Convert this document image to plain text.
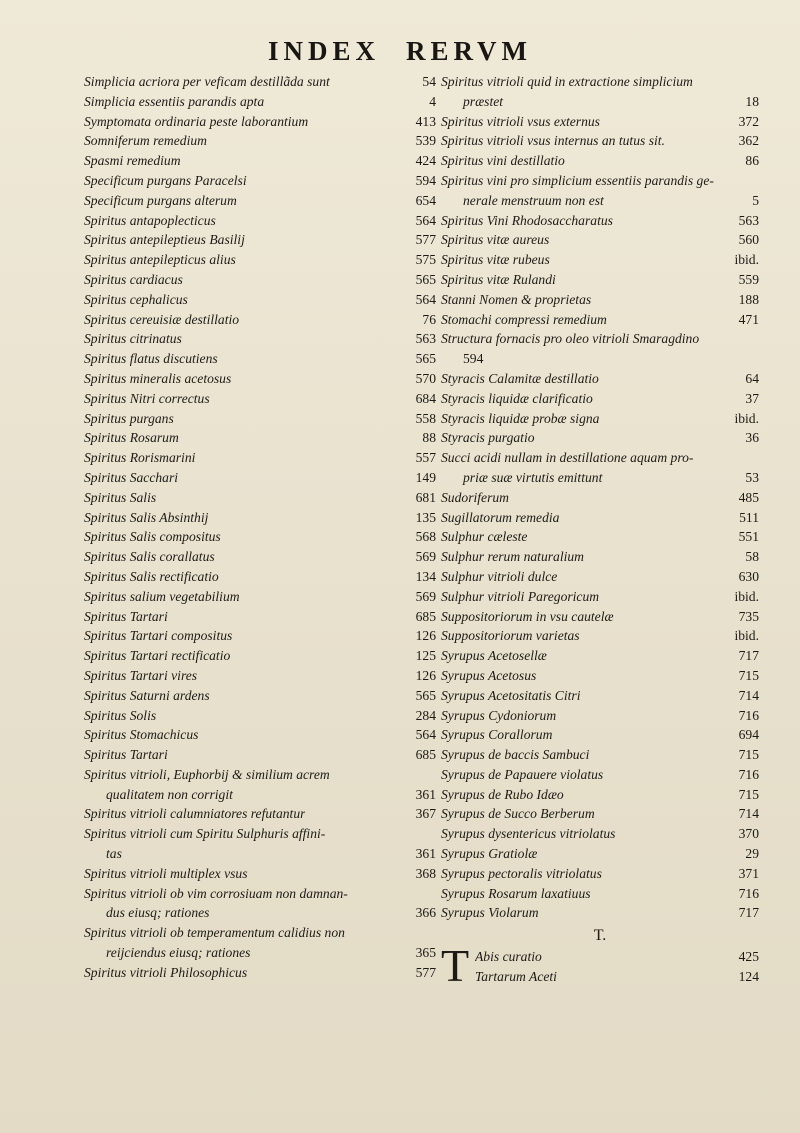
INDEX RERVM
Simplicia acriora per veficam destillãda sunt	54
Simplicia essentiis parandis apta	4
Symptomata ordinaria peste laborantium	413
Somniferum remedium	539
Spasmi remedium	424
Specificum purgans Paracelsi	594
Specificum purgans alterum	654
Spiritus antapoplecticus	564
Spiritus antepileptieus Basilij	577
Spiritus antepilepticus alius	575
Spiritus cardiacus	565
Spiritus cephalicus	564
Spiritus cereuisiæ destillatio	76
Spiritus citrinatus	563
Spiritus flatus discutiens	565
Spiritus mineralis acetosus	570
Spiritus Nitri correctus	684
Spiritus purgans	558
Spiritus Rosarum	88
Spiritus Rorismarini	557
Spiritus Sacchari	149
Spiritus Salis	681
Spiritus Salis Absinthij	135
Spiritus Salis compositus	568
Spiritus Salis corallatus	569
Spiritus Salis rectificatio	134
Spiritus salium vegetabilium	569
Spiritus Tartari	685
Spiritus Tartari compositus	126
Spiritus Tartari rectificatio	125
Spiritus Tartari vires	126
Spiritus Saturni ardens	565
Spiritus Solis	284
Spiritus Stomachicus	564
Spiritus Tartari	685
Spiritus vitrioli, Euphorbij & similium acrem
qualitatem non corrigit	361
Spiritus vitrioli calumniatores refutantur	367
Spiritus vitrioli cum Spiritu Sulphuris affini-
tas	361
Spiritus vitrioli multiplex vsus	368
Spiritus vitrioli ob vim corrosiuam non damnan-
dus eiusq; rationes	366
Spiritus vitrioli ob temperamentum calidius non
reijciendus eiusq; rationes	365
Spiritus vitrioli Philosophicus	577
Spiritus vitrioli quid in extractione simplicium
præstet	18
Spiritus vitrioli vsus externus	372
Spiritus vitrioli vsus internus an tutus sit.	362
Spiritus vini destillatio	86
Spiritus vini pro simplicium essentiis parandis ge-
nerale menstruum non est	5
Spiritus Vini Rhodosaccharatus	563
Spiritus vitæ aureus	560
Spiritus vitæ rubeus	ibid.
Spiritus vitæ Rulandi	559
Stanni Nomen & proprietas	188
Stomachi compressi remedium	471
Structura fornacis pro oleo vitrioli Smaragdino
594
Styracis Calamitæ destillatio	64
Styracis liquidæ clarificatio	37
Styracis liquidæ probæ signa	ibid.
Styracis purgatio	36
Succi acidi nullam in destillatione aquam pro-
priæ suæ virtutis emittunt	53
Sudoriferum	485
Sugillatorum remedia	511
Sulphur cæleste	551
Sulphur rerum naturalium	58
Sulphur vitrioli dulce	630
Sulphur vitrioli Paregoricum	ibid.
Suppositoriorum in vsu cautelæ	735
Suppositoriorum varietas	ibid.
Syrupus Acetosellæ	717
Syrupus Acetosus	715
Syrupus Acetositatis Citri	714
Syrupus Cydoniorum	716
Syrupus Corallorum	694
Syrupus de baccis Sambuci	715
Syrupus de Papauere violatus	716
Syrupus de Rubo Idæo	715
Syrupus de Succo Berberum	714
Syrupus dysentericus vitriolatus	370
Syrupus Gratiolæ	29
Syrupus pectoralis vitriolatus	371
Syrupus Rosarum laxatiuus	716
Syrupus Violarum	717
T.
T Abis curatio	425
Tartarum Aceti	124
